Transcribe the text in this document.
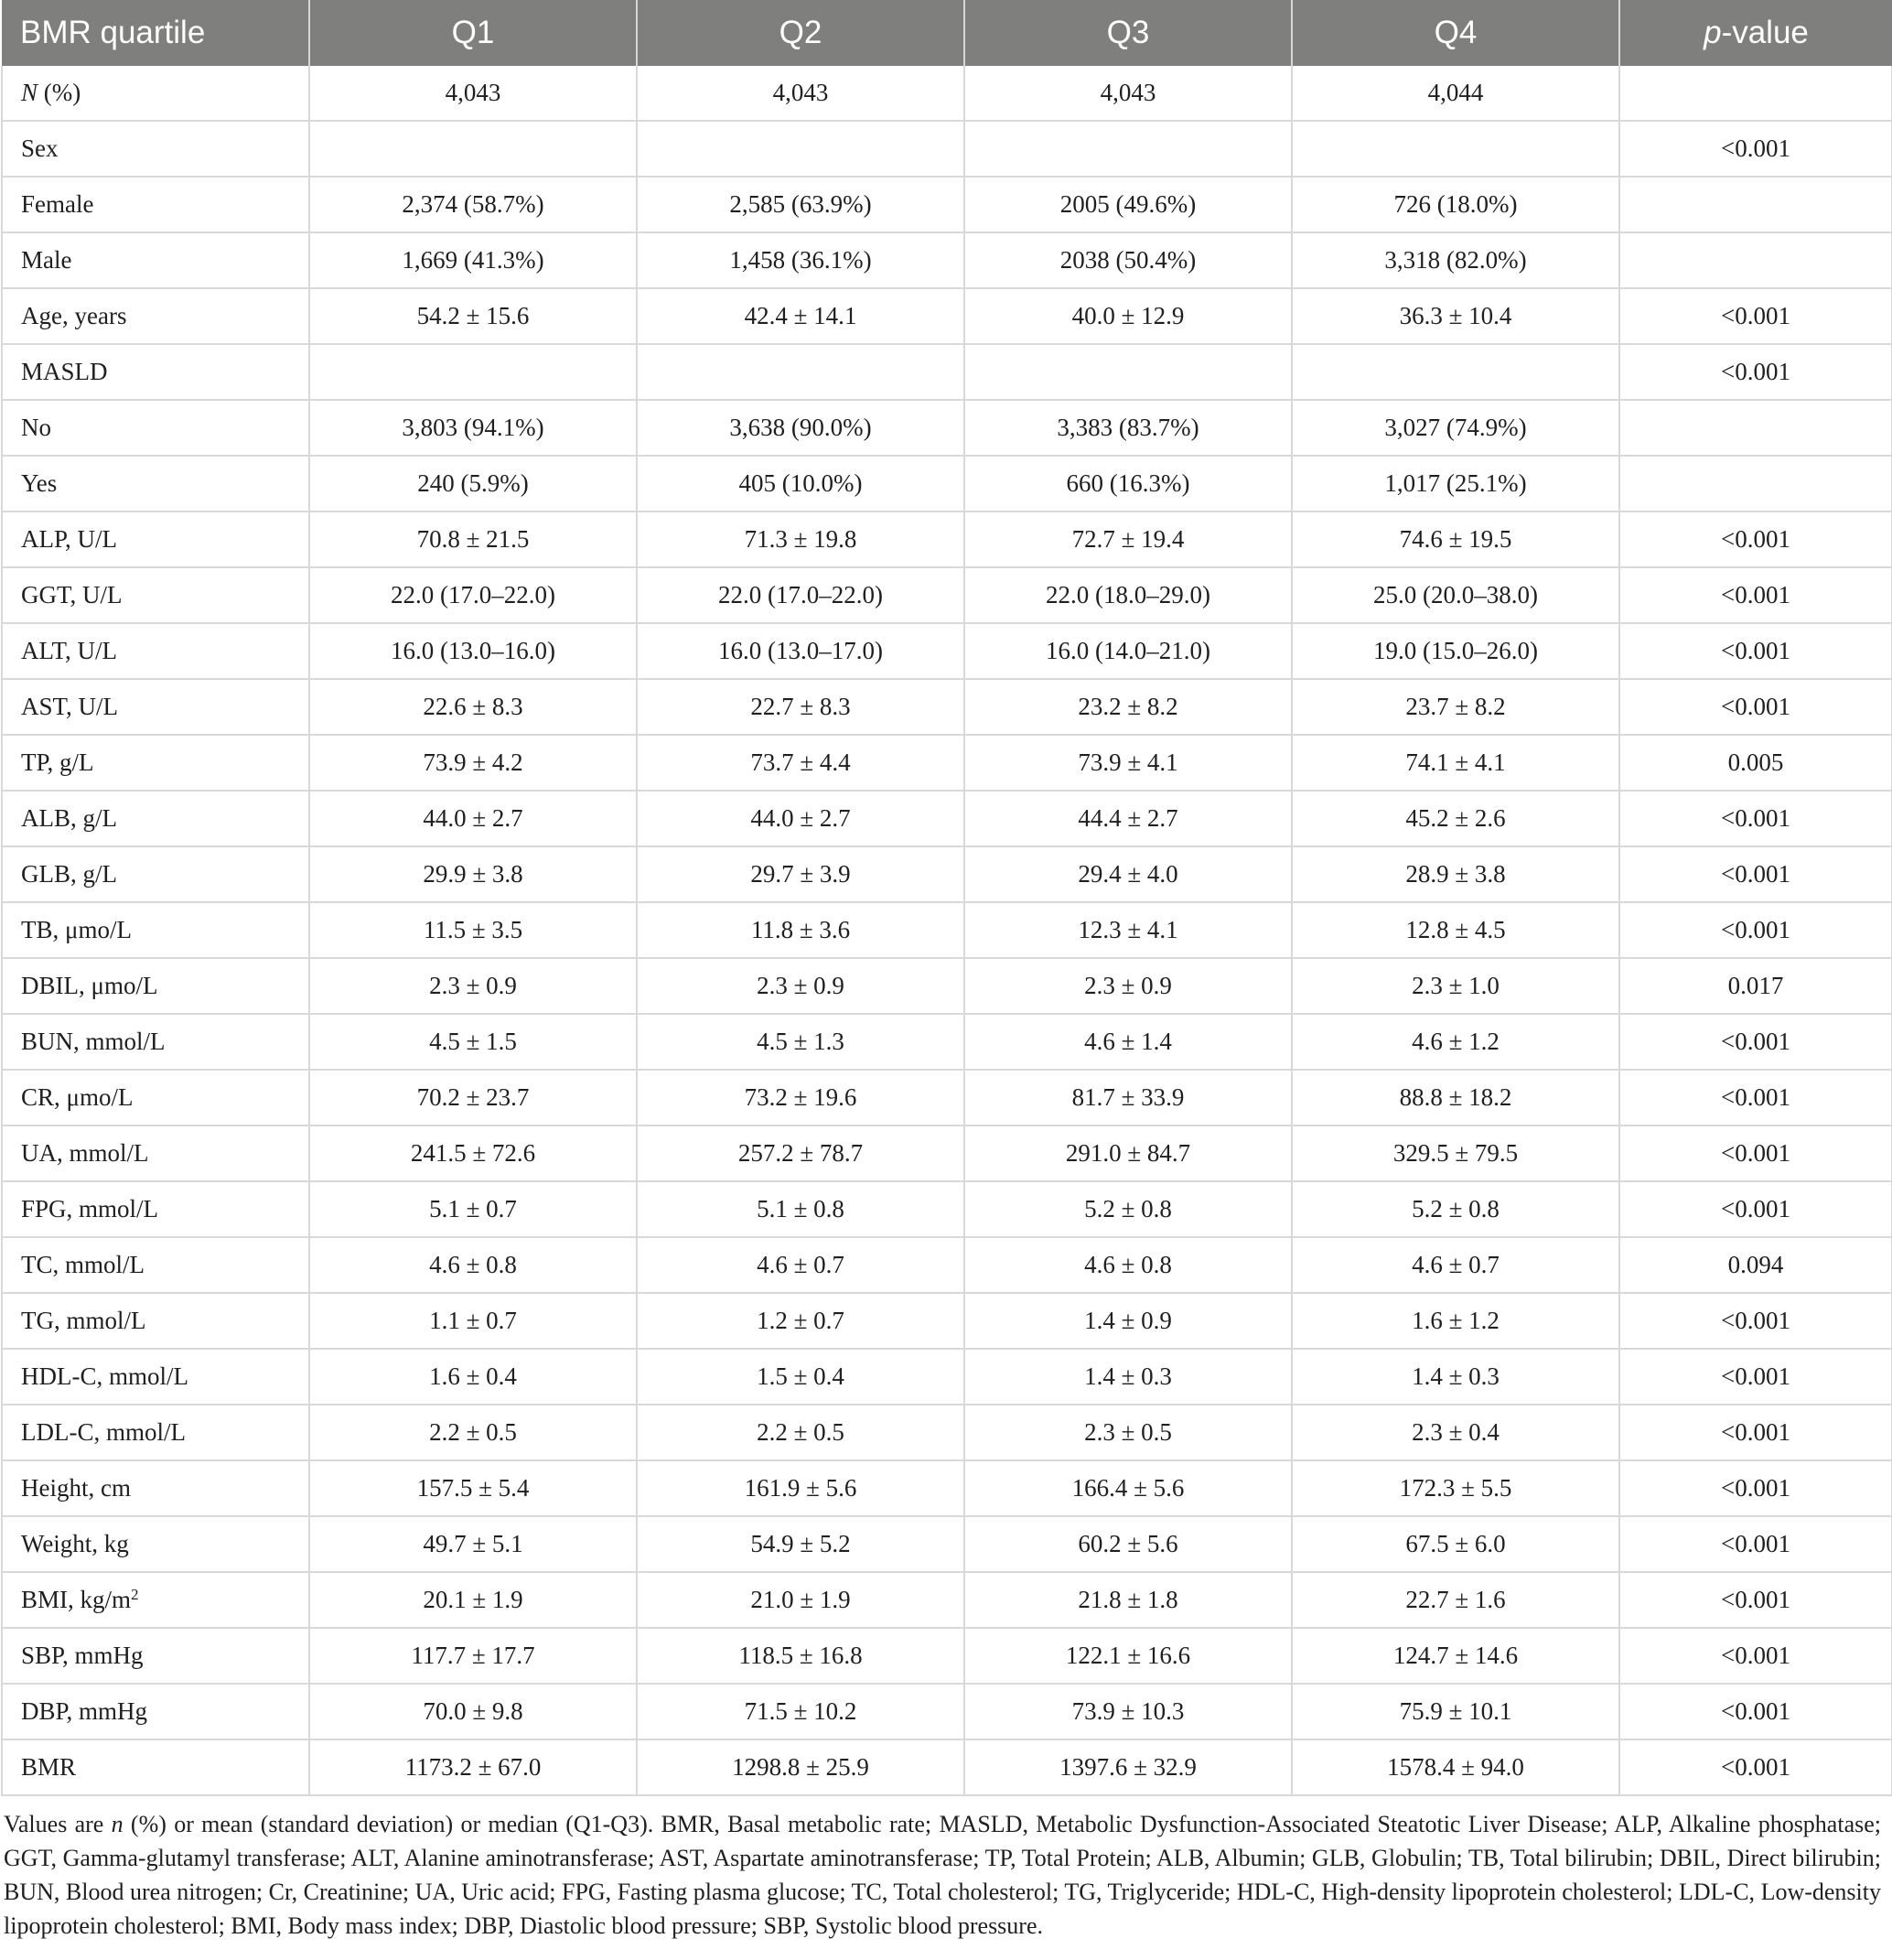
BMR quartile	Q1	Q2	Q3	Q4	p-value
N (%)	4,043	4,043	4,043	4,044	
Sex					<0.001
Female	2,374 (58.7%)	2,585 (63.9%)	2005 (49.6%)	726 (18.0%)	
Male	1,669 (41.3%)	1,458 (36.1%)	2038 (50.4%)	3,318 (82.0%)	
Age, years	54.2 ± 15.6	42.4 ± 14.1	40.0 ± 12.9	36.3 ± 10.4	<0.001
MASLD					<0.001
No	3,803 (94.1%)	3,638 (90.0%)	3,383 (83.7%)	3,027 (74.9%)	
Yes	240 (5.9%)	405 (10.0%)	660 (16.3%)	1,017 (25.1%)	
ALP, U/L	70.8 ± 21.5	71.3 ± 19.8	72.7 ± 19.4	74.6 ± 19.5	<0.001
GGT, U/L	22.0 (17.0–22.0)	22.0 (17.0–22.0)	22.0 (18.0–29.0)	25.0 (20.0–38.0)	<0.001
ALT, U/L	16.0 (13.0–16.0)	16.0 (13.0–17.0)	16.0 (14.0–21.0)	19.0 (15.0–26.0)	<0.001
AST, U/L	22.6 ± 8.3	22.7 ± 8.3	23.2 ± 8.2	23.7 ± 8.2	<0.001
TP, g/L	73.9 ± 4.2	73.7 ± 4.4	73.9 ± 4.1	74.1 ± 4.1	0.005
ALB, g/L	44.0 ± 2.7	44.0 ± 2.7	44.4 ± 2.7	45.2 ± 2.6	<0.001
GLB, g/L	29.9 ± 3.8	29.7 ± 3.9	29.4 ± 4.0	28.9 ± 3.8	<0.001
TB, μmo/L	11.5 ± 3.5	11.8 ± 3.6	12.3 ± 4.1	12.8 ± 4.5	<0.001
DBIL, μmo/L	2.3 ± 0.9	2.3 ± 0.9	2.3 ± 0.9	2.3 ± 1.0	0.017
BUN, mmol/L	4.5 ± 1.5	4.5 ± 1.3	4.6 ± 1.4	4.6 ± 1.2	<0.001
CR, μmo/L	70.2 ± 23.7	73.2 ± 19.6	81.7 ± 33.9	88.8 ± 18.2	<0.001
UA, mmol/L	241.5 ± 72.6	257.2 ± 78.7	291.0 ± 84.7	329.5 ± 79.5	<0.001
FPG, mmol/L	5.1 ± 0.7	5.1 ± 0.8	5.2 ± 0.8	5.2 ± 0.8	<0.001
TC, mmol/L	4.6 ± 0.8	4.6 ± 0.7	4.6 ± 0.8	4.6 ± 0.7	0.094
TG, mmol/L	1.1 ± 0.7	1.2 ± 0.7	1.4 ± 0.9	1.6 ± 1.2	<0.001
HDL-C, mmol/L	1.6 ± 0.4	1.5 ± 0.4	1.4 ± 0.3	1.4 ± 0.3	<0.001
LDL-C, mmol/L	2.2 ± 0.5	2.2 ± 0.5	2.3 ± 0.5	2.3 ± 0.4	<0.001
Height, cm	157.5 ± 5.4	161.9 ± 5.6	166.4 ± 5.6	172.3 ± 5.5	<0.001
Weight, kg	49.7 ± 5.1	54.9 ± 5.2	60.2 ± 5.6	67.5 ± 6.0	<0.001
BMI, $kg/m^2$	20.1 ± 1.9	21.0 ± 1.9	21.8 ± 1.8	22.7 ± 1.6	<0.001
SBP, mmHg	117.7 ± 17.7	118.5 ± 16.8	122.1 ± 16.6	124.7 ± 14.6	<0.001
DBP, mmHg	70.0 ± 9.8	71.5 ± 10.2	73.9 ± 10.3	75.9 ± 10.1	<0.001
BMR	1173.2 ± 67.0	1298.8 ± 25.9	1397.6 ± 32.9	1578.4 ± 94.0	<0.001
Values are n (%) or mean (standard deviation) or median (Q1-Q3). BMR, Basal metabolic rate; MASLD, Metabolic Dysfunction-Associated Steatotic Liver Disease; ALP, Alkaline phosphatase; GGT, Gamma-glutamyl transferase; ALT, Alanine aminotransferase; AST, Aspartate aminotransferase; TP, Total Protein; ALB, Albumin; GLB, Globulin; TB, Total bilirubin; DBIL, Direct bilirubin; BUN, Blood urea nitrogen; Cr, Creatinine; UA, Uric acid; FPG, Fasting plasma glucose; TC, Total cholesterol; TG, Triglyceride; HDL-C, High-density lipoprotein cholesterol; LDL-C, Low-density lipoprotein cholesterol; BMI, Body mass index; DBP, Diastolic blood pressure; SBP, Systolic blood pressure.
